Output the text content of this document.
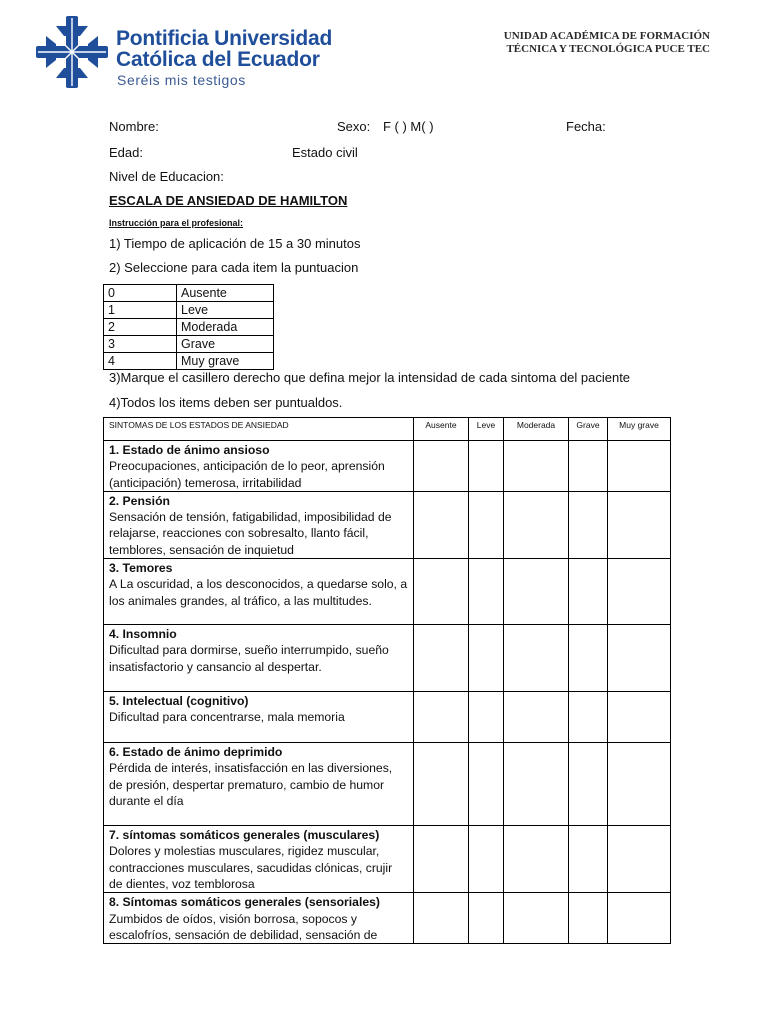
Pontificia Universidad
Católica del Ecuador
Seréis mis testigos
UNIDAD ACADÉMICA DE FORMACIÓN
TÉCNICA Y TECNOLÓGICA PUCE TEC
Nombre:	Sexo: F ( ) M( )	Fecha:
Edad:	Estado civil
Nivel de Educacion:
ESCALA DE ANSIEDAD DE HAMILTON
Instrucción para el profesional:
1) Tiempo de aplicación de 15 a 30 minutos
2) Seleccione para cada item la puntuacion
0	Ausente
1	Leve
2	Moderada
3	Grave
4	Muy grave
3)Marque el casillero derecho que defina mejor la intensidad de cada sintoma del paciente
4)Todos los items deben ser puntualdos.
SINTOMAS DE LOS ESTADOS DE ANSIEDAD	Ausente	Leve	Moderada	Grave	Muy grave

1. Estado de ánimo ansioso
Preocupaciones, anticipación de lo peor, aprensión (anticipación) temerosa, irritabilidad					

2. Pensión
Sensación de tensión, fatigabilidad, imposibilidad de relajarse, reacciones con sobresalto, llanto fácil, temblores, sensación de inquietud					

3. Temores
A La oscuridad, a los desconocidos, a quedarse solo, a los animales grandes, al tráfico, a las multitudes.					

4. Insomnio
Dificultad para dormirse, sueño interrumpido, sueño insatisfactorio y cansancio al despertar.					

5. Intelectual (cognitivo)
Dificultad para concentrarse, mala memoria					

6. Estado de ánimo deprimido
Pérdida de interés, insatisfacción en las diversiones, de presión, despertar prematuro, cambio de humor durante el día					

7. síntomas somáticos generales (musculares)
Dolores y molestias musculares, rigidez muscular, contracciones musculares, sacudidas clónicas, crujir de dientes, voz temblorosa					

8. Síntomas somáticos generales (sensoriales)
Zumbidos de oídos, visión borrosa, sopocos y escalofríos, sensación de debilidad, sensación de					
